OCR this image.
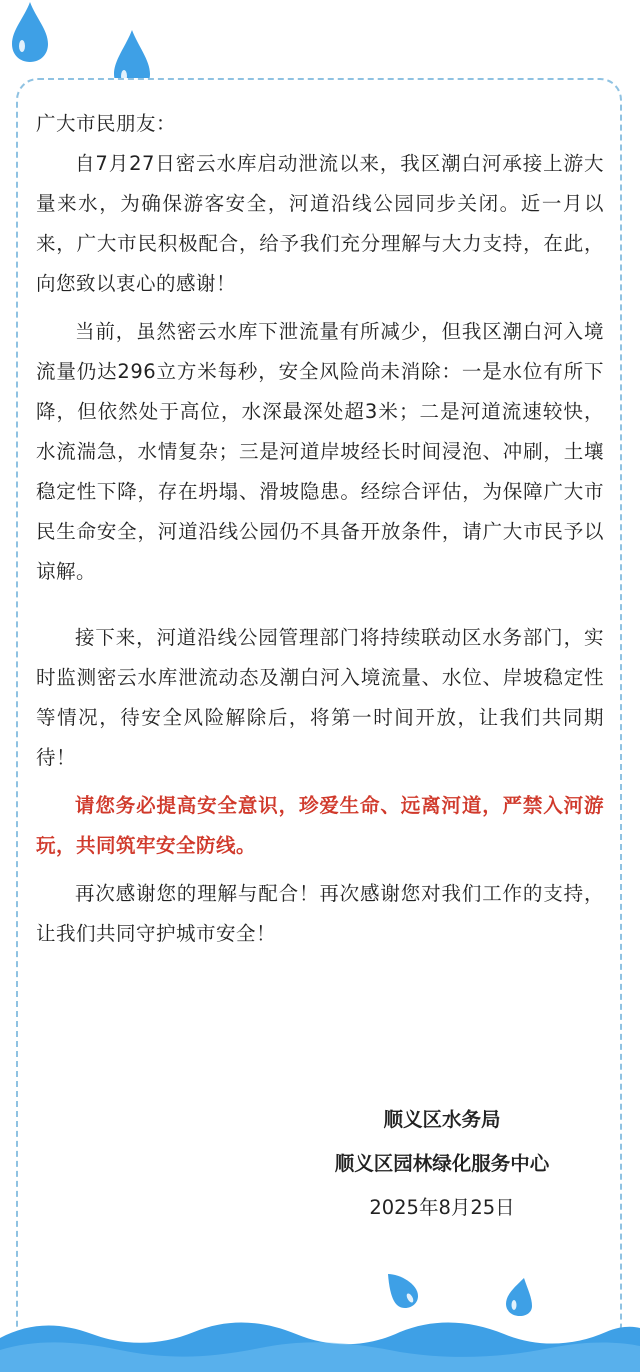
广大市民朋友：

自7月27日密云水库启动泄流以来，我区潮白河承接上游大量来水，为确保游客安全，河道沿线公园同步关闭。近一月以来，广大市民积极配合，给予我们充分理解与大力支持，在此，向您致以衷心的感谢！

当前，虽然密云水库下泄流量有所减少，但我区潮白河入境流量仍达296立方米每秒，安全风险尚未消除：一是水位有所下降，但依然处于高位，水深最深处超3米；二是河道流速较快，水流湍急，水情复杂；三是河道岸坡经长时间浸泡、冲刷，土壤稳定性下降，存在坍塌、滑坡隐患。经综合评估，为保障广大市民生命安全，河道沿线公园仍不具备开放条件，请广大市民予以谅解。

接下来，河道沿线公园管理部门将持续联动区水务部门，实时监测密云水库泄流动态及潮白河入境流量、水位、岸坡稳定性等情况，待安全风险解除后，将第一时间开放，让我们共同期待！

请您务必提高安全意识，珍爱生命、远离河道，严禁入河游玩，共同筑牢安全防线。

再次感谢您的理解与配合！再次感谢您对我们工作的支持，让我们共同守护城市安全！

顺义区水务局
顺义区园林绿化服务中心
2025年8月25日
